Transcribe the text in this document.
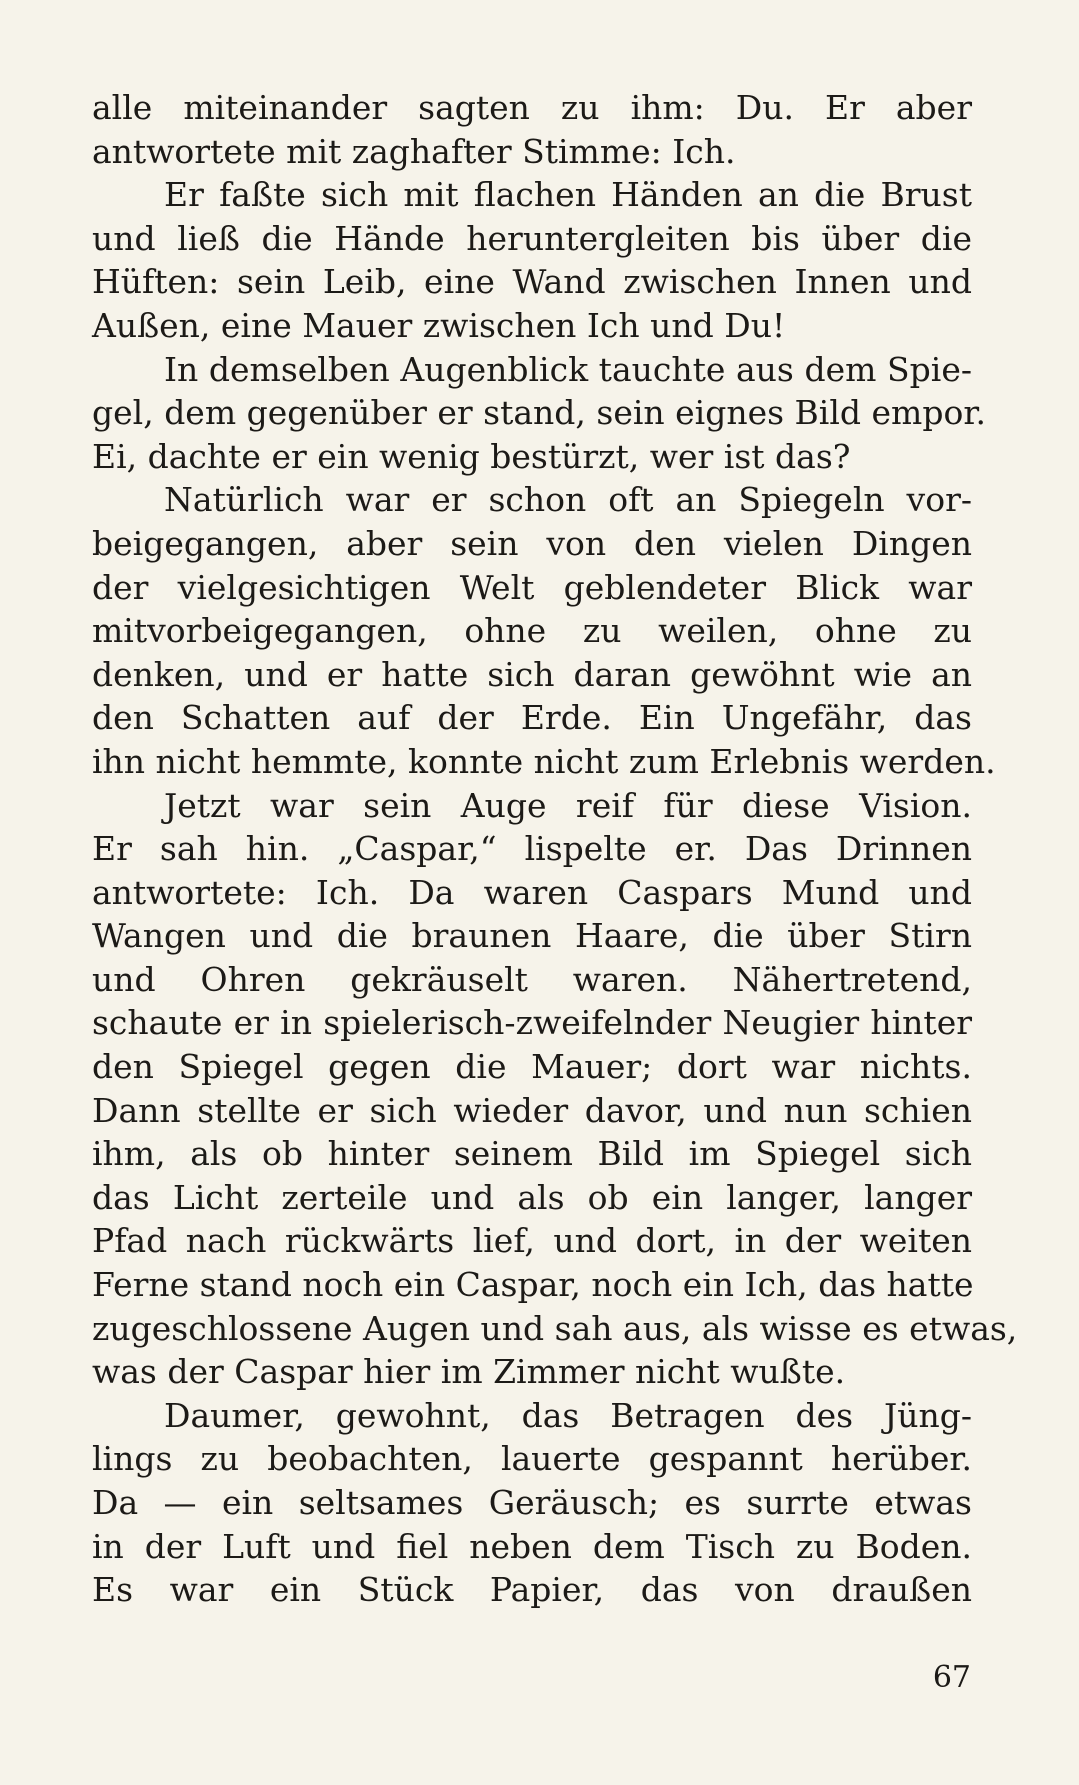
alle miteinander sagten zu ihm: Du. Er aber
antwortete mit zaghafter Stimme: Ich.
Er faßte sich mit flachen Händen an die Brust
und ließ die Hände heruntergleiten bis über die
Hüften: sein Leib, eine Wand zwischen Innen und
Außen, eine Mauer zwischen Ich und Du!
In demselben Augenblick tauchte aus dem Spie-
gel, dem gegenüber er stand, sein eignes Bild empor.
Ei, dachte er ein wenig bestürzt, wer ist das?
Natürlich war er schon oft an Spiegeln vor-
beigegangen, aber sein von den vielen Dingen
der vielgesichtigen Welt geblendeter Blick war
mitvorbeigegangen, ohne zu weilen, ohne zu
denken, und er hatte sich daran gewöhnt wie an
den Schatten auf der Erde. Ein Ungefähr, das
ihn nicht hemmte, konnte nicht zum Erlebnis werden.
Jetzt war sein Auge reif für diese Vision.
Er sah hin. „Caspar,“ lispelte er. Das Drinnen
antwortete: Ich. Da waren Caspars Mund und
Wangen und die braunen Haare, die über Stirn
und Ohren gekräuselt waren. Nähertretend,
schaute er in spielerisch-zweifelnder Neugier hinter
den Spiegel gegen die Mauer; dort war nichts.
Dann stellte er sich wieder davor, und nun schien
ihm, als ob hinter seinem Bild im Spiegel sich
das Licht zerteile und als ob ein langer, langer
Pfad nach rückwärts lief, und dort, in der weiten
Ferne stand noch ein Caspar, noch ein Ich, das hatte
zugeschlossene Augen und sah aus, als wisse es etwas,
was der Caspar hier im Zimmer nicht wußte.
Daumer, gewohnt, das Betragen des Jüng-
lings zu beobachten, lauerte gespannt herüber.
Da — ein seltsames Geräusch; es surrte etwas
in der Luft und fiel neben dem Tisch zu Boden.
Es war ein Stück Papier, das von draußen
67
